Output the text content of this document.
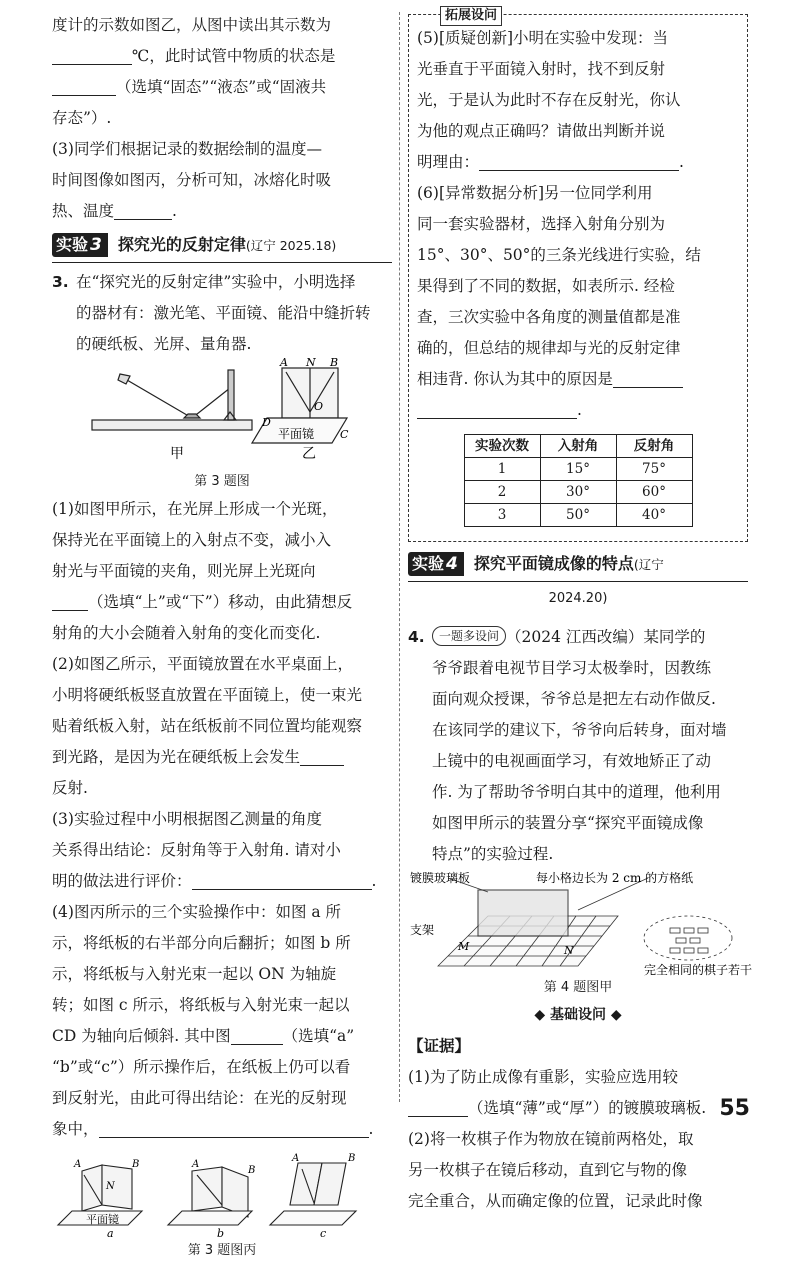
度计的示数如图乙，从图中读出其示数为
℃，此时试管中物质的状态是
（选填“固态”“液态”或“固液共
存态”）.
(3)同学们根据记录的数据绘制的温度—
时间图像如图丙，分析可知，冰熔化时吸
热、温度	.
实验 3 探究光的反射定律(辽宁 2025.18)
3. 在“探究光的反射定律”实验中，小明选择
的器材有：激光笔、平面镜、能沿中缝折转
的硬纸板、光屏、量角器.
甲
A N B
O
D
C
平面镜
乙
第 3 题图
(1)如图甲所示，在光屏上形成一个光斑，
保持光在平面镜上的入射点不变，减小入
射光与平面镜的夹角，则光屏上光斑向
（选填“上”或“下”）移动，由此猜想反
射角的大小会随着入射角的变化而变化.
(2)如图乙所示，平面镜放置在水平桌面上，
小明将硬纸板竖直放置在平面镜上，使一束光
贴着纸板入射，站在纸板前不同位置均能观察
到光路，是因为光在硬纸板上会发生
反射.
(3)实验过程中小明根据图乙测量的角度
关系得出结论：反射角等于入射角. 请对小
明的做法进行评价：	.
(4)图丙所示的三个实验操作中：如图 a 所
示，将纸板的右半部分向后翻折；如图 b 所
示，将纸板与入射光束一起以 ON 为轴旋
转；如图 c 所示，将纸板与入射光束一起以
CD 为轴向后倾斜. 其中图	（选填“a”
“b”或“c”）所示操作后，在纸板上仍可以看
到反射光，由此可得出结论：在光的反射现
象中，	.
A	B
N
A
B
A	B
平面镜
a	b	c
第 3 题图丙
拓展设问
(5)[质疑创新]小明在实验中发现：当
光垂直于平面镜入射时，找不到反射
光，于是认为此时不存在反射光，你认
为他的观点正确吗？请做出判断并说
明理由：	.
(6)[异常数据分析]另一位同学利用
同一套实验器材，选择入射角分别为
15°、30°、50°的三条光线进行实验，结
果得到了不同的数据，如表所示. 经检
查，三次实验中各角度的测量值都是准
确的，但总结的规律却与光的反射定律
相违背. 你认为其中的原因是
.
实验次数	入射角	反射角
1	15°	75°
2	30°	60°
3	50°	40°
实验 4 探究平面镜成像的特点(辽宁
2024.20)
4. 一题多设问 （2024 江西改编）某同学的
爷爷跟着电视节目学习太极拳时，因教练
面向观众授课，爷爷总是把左右动作做反.
在该同学的建议下，爷爷向后转身，面对墙
上镜中的电视画面学习，有效地矫正了动
作. 为了帮助爷爷明白其中的道理，他利用
如图甲所示的装置分享“探究平面镜成像
特点”的实验过程.
镀膜玻璃板	每小格边长为 2 cm 的方格纸
支架
M	N
完全相同的棋子若干
第 4 题图甲
◆ 基础设问 ◆
【证据】
(1)为了防止成像有重影，实验应选用较
（选填“薄”或“厚”）的镀膜玻璃板.
(2)将一枚棋子作为物放在镜前两格处，取
另一枚棋子在镜后移动，直到它与物的像
完全重合，从而确定像的位置，记录此时像
55
